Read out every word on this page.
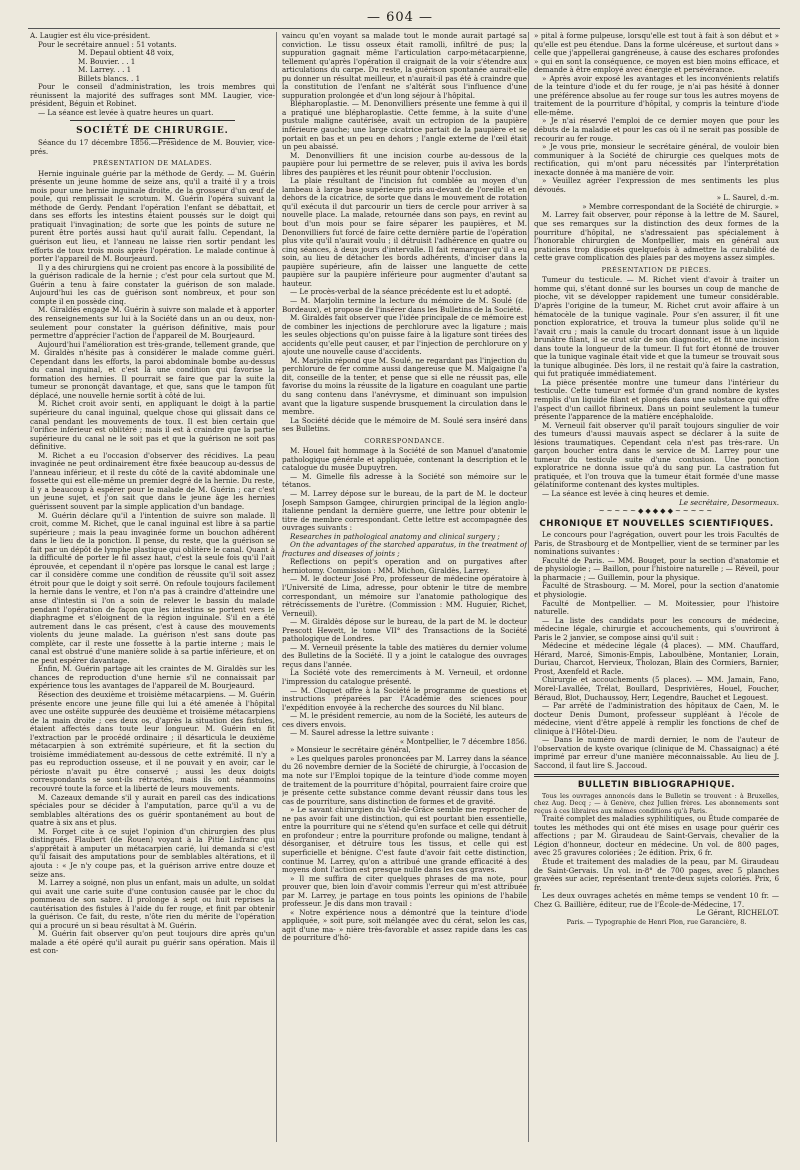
— 604 —

A. Laugier est élu vice-président.

Pour le secrétaire annuel : 51 votants.

M. Depaul obtient 48 voix,

M. Bouvier. . . 1

M. Larrey. . . 1

Billets blancs. . 1

Pour le conseil d'administration, les trois membres qui réunissent la majorité des suffrages sont MM. Laugier, vice-président, Béguin et Robinet.

— La séance est levée à quatre heures un quart.

SOCIÉTÉ DE CHIRURGIE.

Séance du 17 décembre 1856.—Présidence de M. Bouvier, vice-prés.

PRÉSENTATION DE MALADES.

Hernie inguinale guérie par la méthode de Gerdy. — M. Guérin présente un jeune homme de seize ans, qu'il a traité il y a trois mois pour une hernie inguinale droite, de la grosseur d'un œuf de poule, qui remplissait le scrotum. M. Guérin l'opéra suivant la méthode de Gerdy. Pendant l'opération l'enfant se débattait, et dans ses efforts les intestins étaient poussés sur le doigt qui pratiquait l'invagination; de sorte que les points de suture ne purent être portés aussi haut qu'il aurait fallu. Cependant, la guérison eut lieu, et l'anneau ne laisse rien sortir pendant les efforts de toux trois mois après l'opération. Le malade continue à porter l'appareil de M. Bourjeaurd.

Il y a des chirurgiens qui ne croient pas encore à la possibilité de la guérison radicale de la hernie ; c'est pour cela surtout que M. Guérin a tenu à faire constater la guérison de son malade. Aujourd'hui les cas de guérison sont nombreux, et pour son compte il en possède cinq.

M. Giraldès engage M. Guérin à suivre son malade et à apporter des renseignements sur lui à la Société dans un an ou deux, non-seulement pour constater la guérison définitive, mais pour permettre d'apprécier l'action de l'appareil de M. Bourjeaurd.

Aujourd'hui l'amélioration est très-grande, tellement grande, que M. Giraldès n'hésite pas à considérer le malade comme guéri. Cependant dans les efforts, la paroi abdominale bombe au-dessus du canal inguinal, et c'est là une condition qui favorise la formation des hernies. Il pourrait se faire que par la suite la tumeur se prononçât davantage, et que, sans que le tampon fût déplacé, une nouvelle hernie sortît à côté de lui.

M. Richet croit avoir senti, en appliquant le doigt à la partie supérieure du canal inguinal, quelque chose qui glissait dans ce canal pendant les mouvements de toux. Il est bien certain que l'orifice inférieur est oblitéré ; mais il est à craindre que la partie supérieure du canal ne le soit pas et que la guérison ne soit pas définitive.

M. Richet a eu l'occasion d'observer des récidives. La peau invaginée ne peut ordinairement être fixée beaucoup au-dessus de l'anneau inférieur, et il reste du côté de la cavité abdominale une fossette qui est elle-même un premier degré de la hernie. Du reste, il y a beaucoup à espérer pour le malade de M. Guérin ; car c'est un jeune sujet, et j'on sait que dans le jeune âge les hernies guérissent souvent par la simple application d'un bandage.

M. Guérin déclare qu'il a l'intention de suivre son malade. Il croit, comme M. Richet, que le canal inguinal est libre à sa partie supérieure ; mais la peau invaginée forme un bouchon adhérent dans le lieu de la ponction. Il pense, du reste, que la guérison se fait par un dépôt de lymphe plastique qui oblitère le canal. Quant à la difficulté de porter le fil assez haut, c'est la seule fois qu'il l'ait éprouvée, et cependant il n'opère pas lorsque le canal est large ; car il considère comme une condition de réussite qu'il soit assez étroit pour que le doigt y soit serré. On refoule toujours facilement la hernie dans le ventre, et l'on n'a pas à craindre d'atteindre une anse d'intestin si l'on a soin de relever le bassin du malade pendant l'opération de façon que les intestins se portent vers le diaphragme et s'éloignent de la région inguinale. S'il en a été autrement dans le cas présent, c'est à cause des mouvements violents du jeune malade. La guérison n'est sans doute pas complète, car il reste une fossette à la partie interne ; mais le canal est obstrué d'une manière solide à sa partie inférieure, et on ne peut espérer davantage.

Enfin, M. Guérin partage ait les craintes de M. Giraldès sur les chances de reproduction d'une hernie s'il ne connaissait par expérience tous les avantages de l'appareil de M. Bourjeaurd.

Résection des deuxième et troisième métacarpiens. — M. Guérin présente encore une jeune fille qui lui a été amenée à l'hôpital avec une ostéite suppurée des deuxième et troisième métacarpiens de la main droite ; ces deux os, d'après la situation des fistules, étaient affectés dans toute leur longueur. M. Guérin en fit l'extraction par le procédé ordinaire ; il désarticula le deuxième métacarpien à son extrémité supérieure, et fit la section du troisième immédiatement au-dessous de cette extrémité. Il n'y a pas eu reproduction osseuse, et il ne pouvait y en avoir, car le périoste n'avait pu être conservé ; aussi les deux doigts correspondants se sont-ils rétractés, mais ils ont néanmoins recouvré toute la force et la liberté de leurs mouvements.

M. Cazeaux demande s'il y aurait en pareil cas des indications spéciales pour se décider à l'amputation, parce qu'il a vu de semblables altérations des os guérir spontanément au bout de quatre à six ans et plus.

M. Forget cite à ce sujet l'opinion d'un chirurgien des plus distingués. Flaubert (de Rouen) voyant à la Pitié Lisfranc qui s'apprêtait à amputer un métacarpien carié, lui demanda si c'est qu'il faisait des amputations pour de semblables altérations, et il ajouta : « Je n'y coupe pas, et la guérison arrive entre douze et seize ans.

M. Larrey a soigné, non plus un enfant, mais un adulte, un soldat qui avait une carie suite d'une contusion causée par le choc du pommeau de son sabre. Il prolonge à sept ou huit reprises la cautérisation des fistules à l'aide du fer rouge, et finit par obtenir la guérison. Ce fait, du reste, n'ôte rien du mérite de l'opération qui a procuré un si beau résultat à M. Guérin.

M. Guérin fait observer qu'on peut toujours dire après qu'un malade a été opéré qu'il aurait pu guérir sans opération. Mais il est con-

vaincu qu'en voyant sa malade tout le monde aurait partagé sa conviction. Le tissu osseux était ramolli, infiltré de pus; la suppuration gagnait même l'articulation carpo-métacarpienne, tellement qu'après l'opération il craignait de la voir s'étendre aux articulations du carpe. Du reste, la guérison spontanée aurait-elle pu donner un résultat meilleur, et n'aurait-il pas été à craindre que la constitution de l'enfant ne s'altérât sous l'influence d'une suppuration prolongée et d'un long séjour à l'hôpital.

Blépharoplastie. — M. Denonvilliers présente une femme à qui il a pratiqué une blépharoplastie. Cette femme, à la suite d'une pustule maligne cautérisée, avait un ectropion de la paupière inférieure gauche; une large cicatrice partait de la paupière et se portait en bas et un peu en dehors ; l'angle externe de l'œil était un peu abaissé.

M. Denonvilliers fit une incision courbe au-dessous de la paupière pour lui permettre de se relever, puis il aviva les bords libres des paupières et les réunit pour obtenir l'occlusion.

La plaie résultant de l'incision fut comblée au moyen d'un lambeau à large base supérieure pris au-devant de l'oreille et en dehors de la cicatrice, de sorte que dans le mouvement de rotation qu'il exécuta il dut parcourir un tiers de cercle pour arriver à sa nouvelle place. La malade, retournée dans son pays, en revint au bout d'un mois pour se faire séparer les paupières, et M. Denonvilliers fut forcé de faire cette dernière partie de l'opération plus vite qu'il n'aurait voulu ; il détruisit l'adhérence en quatre ou cinq séances, à deux jours d'intervalle. Il fait remarquer qu'il a eu soin, au lieu de détacher les bords adhérents, d'inciser dans la paupière supérieure, afin de laisser une languette de cette paupière sur la paupière inférieure pour augmenter d'autant sa hauteur.

— Le procès-verbal de la séance précédente est lu et adopté.

— M. Marjolin termine la lecture du mémoire de M. Soulé (de Bordeaux), et propose de l'insérer dans les Bulletins de la Société.

M. Giraldès fait observer que l'idée principale de ce mémoire est de combiner les injections de perchlorure avec la ligature ; mais les seules objections qu'on puisse faire à la ligature sont tirées des accidents qu'elle peut causer, et par l'injection de perchlorure on y ajoute une nouvelle cause d'accidents.

M. Marjolin répond que M. Soulé, ne regardant pas l'injection du perchlorure de fer comme aussi dangereuse que M. Malgaigne l'a dit, conseille de la tenter, et pense que si elle ne réussit pas, elle favorise du moins la réussite de la ligature en coagulant une partie du sang contenu dans l'anévrysme, et diminuant son impulsion avant que la ligature suspende brusquement la circulation dans le membre.

La Société décide que le mémoire de M. Soulé sera inséré dans ses Bulletins.

CORRESPONDANCE.

M. Houel fait hommage à la Société de son Manuel d'anatomie pathologique générale et appliquée, contenant la description et le catalogue du musée Dupuytren.

— M. Gimelle fils adresse à la Société son mémoire sur le tétanos.

— M. Larrey dépose sur le bureau, de la part de M. le docteur Joseph Sampson Gamgee, chirurgien principal de la légion anglo-italienne pendant la dernière guerre, une lettre pour obtenir le titre de membre correspondant. Cette lettre est accompagnée des ouvrages suivants :

Researches in pathological anatomy and clinical surgery ;

On the advantages of the starched apparatus, in the treatment of fractures and diseases of joints ;

Reflections on pepit's operation and on purgatives after herniotomy. Commission : MM. Michon, Giraldès, Larrey.

— M. le docteur José Pro, professeur de médecine opératoire à l'Université de Lima, adresse, pour obtenir le titre de membre correspondant, un mémoire sur l'anatomie pathologique des rétrécissements de l'urètre. (Commission : MM. Huguier, Richet, Verneuil).

— M. Giraldès dépose sur le bureau, de la part de M. le docteur Prescott Hewett, le tome VII° des Transactions de la Société pathologique de Londres.

— M. Verneuil présente la table des matières du dernier volume des Bulletins de la Société. Il y a joint le catalogue des ouvrages reçus dans l'année.

La Société vote des remerciments à M. Verneuil, et ordonne l'impression du catalogue présenté.

— M. Cloquet offre à la Société le programme de questions et instructions préparées par l'Académie des sciences pour l'expédition envoyée à la recherche des sources du Nil blanc.

— M. le président remercie, au nom de la Société, les auteurs de ces divers envois.

— M. Saurel adresse la lettre suivante :

« Montpellier, le 7 décembre 1856.

» Monsieur le secrétaire général,

» Les quelques paroles prononcées par M. Larrey dans la séance du 26 novembre dernier de la Société de chirurgie, à l'occasion de ma note sur l'Emploi topique de la teinture d'iode comme moyen de traitement de la pourriture d'hôpital, pourraient faire croire que je présente cette substance comme devant réussir dans tous les cas de pourriture, sans distinction de formes et de gravité.

» Le savant chirurgien du Val-de-Grâce semble me reprocher de ne pas avoir fait une distinction, qui est pourtant bien essentielle, entre la pourriture qui ne s'étend qu'en surface et celle qui détruit en profondeur ; entre la pourriture profonde ou maligne, tendant à désorganiser, et détruire tous les tissus, et celle qui est superficielle et bénigne. C'est faute d'avoir fait cette distinction, continue M. Larrey, qu'on a attribué une grande efficacité à des moyens dont l'action est presque nulle dans les cas graves.

» Il me suffira de citer quelques phrases de ma note, pour prouver que, bien loin d'avoir commis l'erreur qui m'est attribuée par M. Larrey, je partage en tous points les opinions de l'habile professeur. Je dis dans mon travail :

« Notre expérience nous a démontré que la teinture d'iode appliquée, » soit pure, soit mélangée avec du cérat, selon les cas, agit d'une ma- » nière très-favorable et assez rapide dans les cas de pourriture d'hô-

» pital à forme pulpeuse, lorsqu'elle est tout à fait à son début et » qu'elle est peu étendue. Dans la forme ulcéreuse, et surtout dans » celle que j'appellerai gangréneuse, à cause des eschares profondes » qui en sont la conséquence, ce moyen est bien moins efficace, et demande à être employé avec énergie et persévérance.

» Après avoir exposé les avantages et les inconvénients relatifs de la teinture d'iode et du fer rouge, je n'ai pas hésité à donner une préférence absolue au fer rouge sur tous les autres moyens de traitement de la pourriture d'hôpital, y compris la teinture d'iode elle-même.

» Je n'ai réservé l'emploi de ce dernier moyen que pour les débuts de la maladie et pour les cas où il ne serait pas possible de recourir au fer rouge.

» Je vous prie, monsieur le secrétaire général, de vouloir bien communiquer à la Société de chirurgie ces quelques mots de rectification, qui m'ont paru nécessités par l'interprétation inexacte donnée à ma manière de voir.

» Veuillez agréer l'expression de mes sentiments les plus dévoués.

» L. Saurel, d.-m.

» Membre correspondant de la Société de chirurgie. »

M. Larrey fait observer, pour réponse à la lettre de M. Saurel, que ses remarques sur la distinction des deux formes de la pourriture d'hôpital, ne s'adressaient pas spécialement à l'honorable chirurgien de Montpellier, mais en général aux praticiens trop disposés quelquefois à admettre la curabilité de cette grave complication des plaies par des moyens assez simples.

PRÉSENTATION DE PIÈCES.

Tumeur du testicule. — M. Richet vient d'avoir à traiter un homme qui, s'étant donné sur les bourses un coup de manche de pioche, vit se développer rapidement une tumeur considérable. D'après l'origine de la tumeur, M. Richet crut avoir affaire à un hématocèle de la tunique vaginale. Pour s'en assurer, il fit une ponction exploratrice, et trouva la tumeur plus solide qu'il ne l'avait cru ; mais la canule du trocart donnant issue à un liquide brunâtre filant, il se crut sûr de son diagnostic, et fit une incision dans toute la longueur de la tumeur. Il fut fort étonné de trouver que la tunique vaginale était vide et que la tumeur se trouvait sous la tunique albuginée. Dès lors, il ne restait qu'à faire la castration, qui fut pratiquée immédiatement.

La pièce présentée montre une tumeur dans l'intérieur du testicule. Cette tumeur est formée d'un grand nombre de kystes remplis d'un liquide filant et plongés dans une substance qui offre l'aspect d'un caillot fibrineux. Dans un point seulement la tumeur présente l'apparence de la matière encéphaloïde.

M. Verneuil fait observer qu'il paraît toujours singulier de voir des tumeurs d'aussi mauvais aspect se déclarer à la suite de lésions traumatiques. Cependant cela n'est pas très-rare. Un garçon boucher entra dans le service de M. Larrey pour une tumeur du testicule suite d'une contusion. Une ponction exploratrice ne donna issue qu'à du sang pur. La castration fut pratiquée, et l'on trouva que la tumeur était formée d'une masse gélatiniforme contenant des kystes multiples.

— La séance est levée à cinq heures et demie.

Le secrétaire, Desormeaux.

~~~~~◆◆◆◆◆~~~~~

CHRONIQUE ET NOUVELLES SCIENTIFIQUES.

Le concours pour l'agrégation, ouvert pour les trois Facultés de Paris, de Strasbourg et de Montpellier, vient de se terminer par les nominations suivantes :

Faculté de Paris. — MM. Bouget, pour la section d'anatomie et de physiologie ; — Baillon, pour l'histoire naturelle ; — Réveil, pour la pharmacie ; — Guillemin, pour la physique.

Faculté de Strasbourg. — M. Morel, pour la section d'anatomie et physiologie.

Faculté de Montpellier. — M. Moitessier, pour l'histoire naturelle.

— La liste des candidats pour les concours de médecine, médecine légale, chirurgie et accouchements, qui s'ouvriront à Paris le 2 janvier, se compose ainsi qu'il suit :

Médecine et médecine légale (4 places). — MM. Chauffard, Hérard, Marcé, Simonis-Empis, Laboulbène, Montanier, Lorain, Duriau, Charcot, Hervieux, Tholozan, Blain des Cormiers, Barnier, Prost, Axenfeld et Racle.

Chirurgie et accouchements (5 places). — MM. Jamain, Fano, Morel-Lavallée, Trélat, Boullard, Desprivières, Houel, Foucher, Béraud, Blot, Duchaussoy, Herr, Legendre, Bauchet et Legouest.

— Par arrêté de l'administration des hôpitaux de Caen, M. le docteur Denis Dumont, professeur suppléant à l'école de médecine, vient d'être appelé à remplir les fonctions de chef de clinique à l'Hôtel-Dieu.

— Dans le numéro de mardi dernier, le nom de l'auteur de l'observation de kyste ovarique (clinique de M. Chassaignac) a été imprimé par erreur d'une manière méconnaissable. Au lieu de J. Saccond, il faut lire S. Jaccoud.

BULLETIN BIBLIOGRAPHIQUE.

Tous les ouvrages annoncés dans le Bulletin se trouvent : à Bruxelles, chez Aug. Decq ; — à Genève, chez Jullien frères. Les abonnements sont reçus à ces libraires aux mêmes conditions qu'à Paris.

Traité complet des maladies syphilitiques, ou Étude comparée de toutes les méthodes qui ont été mises en usage pour guérir ces affections ; par M. Giraudeau de Saint-Gervais, chevalier de la Légion d'honneur, docteur en médecine. Un vol. de 800 pages, avec 25 gravures coloriées ; 2e édition. Prix, 6 fr.

Étude et traitement des maladies de la peau, par M. Giraudeau de Saint-Gervais. Un vol. in-8° de 700 pages, avec 5 planches gravées sur acier, représentant trente-deux sujets coloriés. Prix, 6 fr.

Les deux ouvrages achetés en même temps se vendent 10 fr. — Chez G. Baillière, éditeur, rue de l'École-de-Médecine, 17.

Le Gérant, RICHELOT.

Paris. — Typographie de Henri Plon, rue Garancière, 8.
